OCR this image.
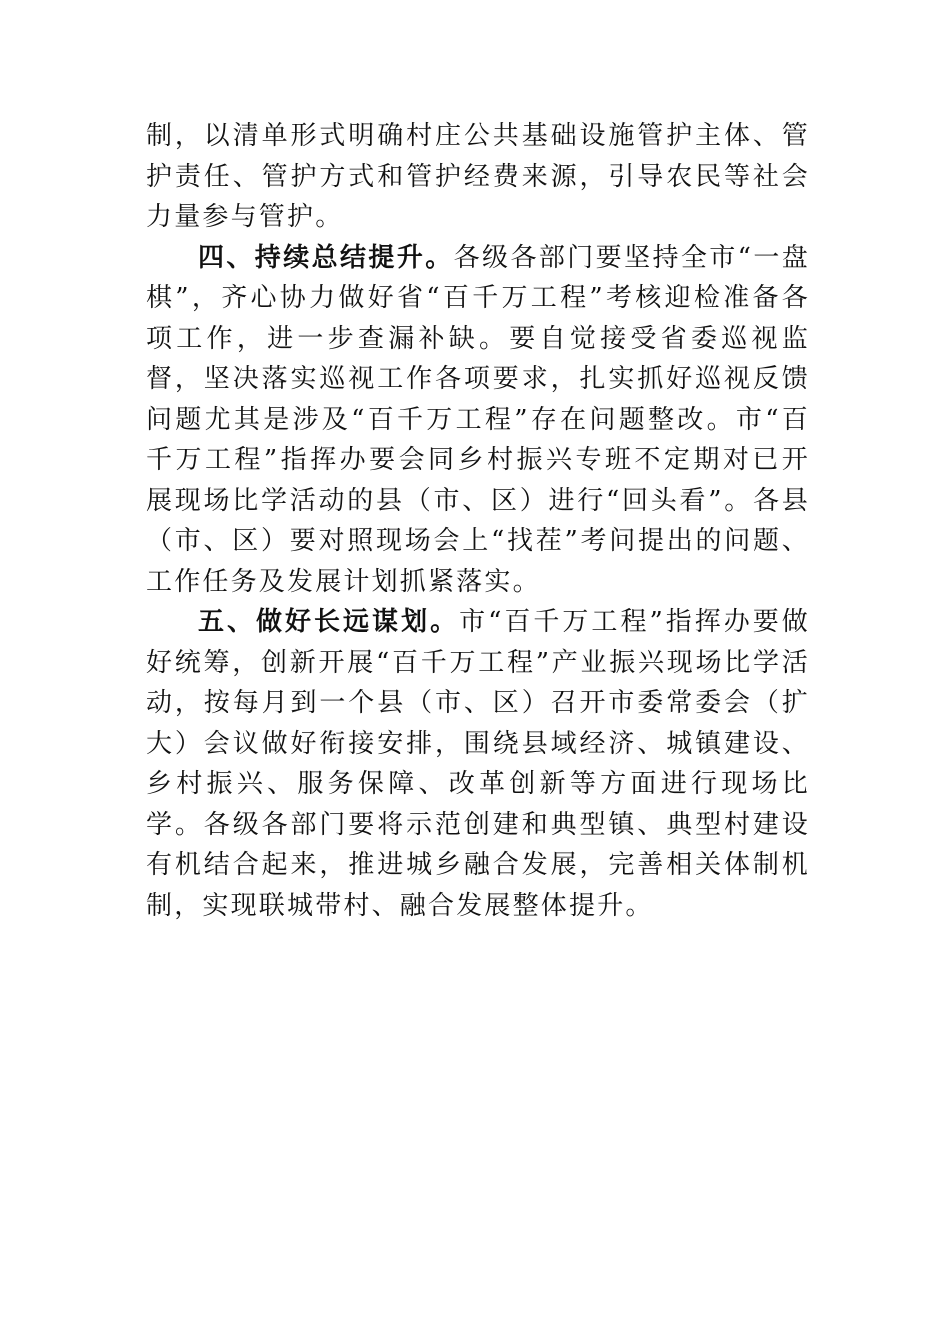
制，以清单形式明确村庄公共基础设施管护主体、管护责任、管护方式和管护经费来源，引导农民等社会力量参与管护。

四、持续总结提升。各级各部门要坚持全市“一盘棋”，齐心协力做好省“百千万工程”考核迎检准备各项工作，进一步查漏补缺。要自觉接受省委巡视监督，坚决落实巡视工作各项要求，扎实抓好巡视反馈问题尤其是涉及“百千万工程”存在问题整改。市“百千万工程”指挥办要会同乡村振兴专班不定期对已开展现场比学活动的县（市、区）进行“回头看”。各县（市、区）要对照现场会上“找茬”考问提出的问题、工作任务及发展计划抓紧落实。

五、做好长远谋划。市“百千万工程”指挥办要做好统筹，创新开展“百千万工程”产业振兴现场比学活动，按每月到一个县（市、区）召开市委常委会（扩大）会议做好衔接安排，围绕县域经济、城镇建设、乡村振兴、服务保障、改革创新等方面进行现场比学。各级各部门要将示范创建和典型镇、典型村建设有机结合起来，推进城乡融合发展，完善相关体制机制，实现联城带村、融合发展整体提升。
